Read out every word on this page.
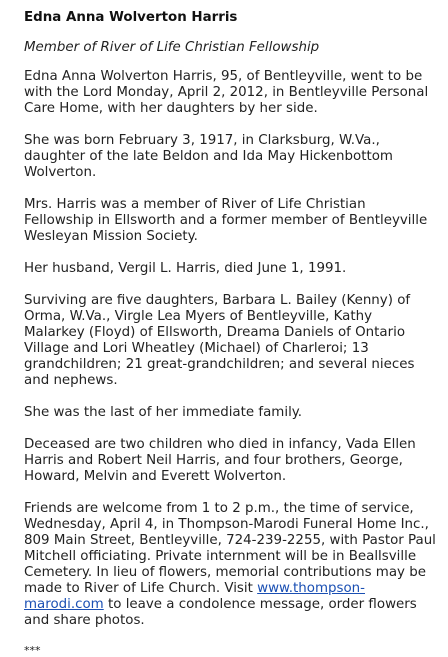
Edna Anna Wolverton Harris
Member of River of Life Christian Fellowship

Edna Anna Wolverton Harris, 95, of Bentleyville, went to be with the Lord Monday, April 2, 2012, in Bentleyville Personal Care Home, with her daughters by her side.

She was born February 3, 1917, in Clarksburg, W.Va., daughter of the late Beldon and Ida May Hickenbottom Wolverton.

Mrs. Harris was a member of River of Life Christian Fellowship in Ellsworth and a former member of Bentleyville Wesleyan Mission Society.

Her husband, Vergil L. Harris, died June 1, 1991.

Surviving are five daughters, Barbara L. Bailey (Kenny) of Orma, W.Va., Virgle Lea Myers of Bentleyville, Kathy Malarkey (Floyd) of Ellsworth, Dreama Daniels of Ontario Village and Lori Wheatley (Michael) of Charleroi; 13 grandchildren; 21 great-grandchildren; and several nieces and nephews.

She was the last of her immediate family.

Deceased are two children who died in infancy, Vada Ellen Harris and Robert Neil Harris, and four brothers, George, Howard, Melvin and Everett Wolverton.

Friends are welcome from 1 to 2 p.m., the time of service, Wednesday, April 4, in Thompson-Marodi Funeral Home Inc., 809 Main Street, Bentleyville, 724-239-2255, with Pastor Paul Mitchell officiating. Private internment will be in Beallsville Cemetery. In lieu of flowers, memorial contributions may be made to River of Life Church. Visit www.thompson-marodi.com to leave a condolence message, order flowers and share photos.

***
